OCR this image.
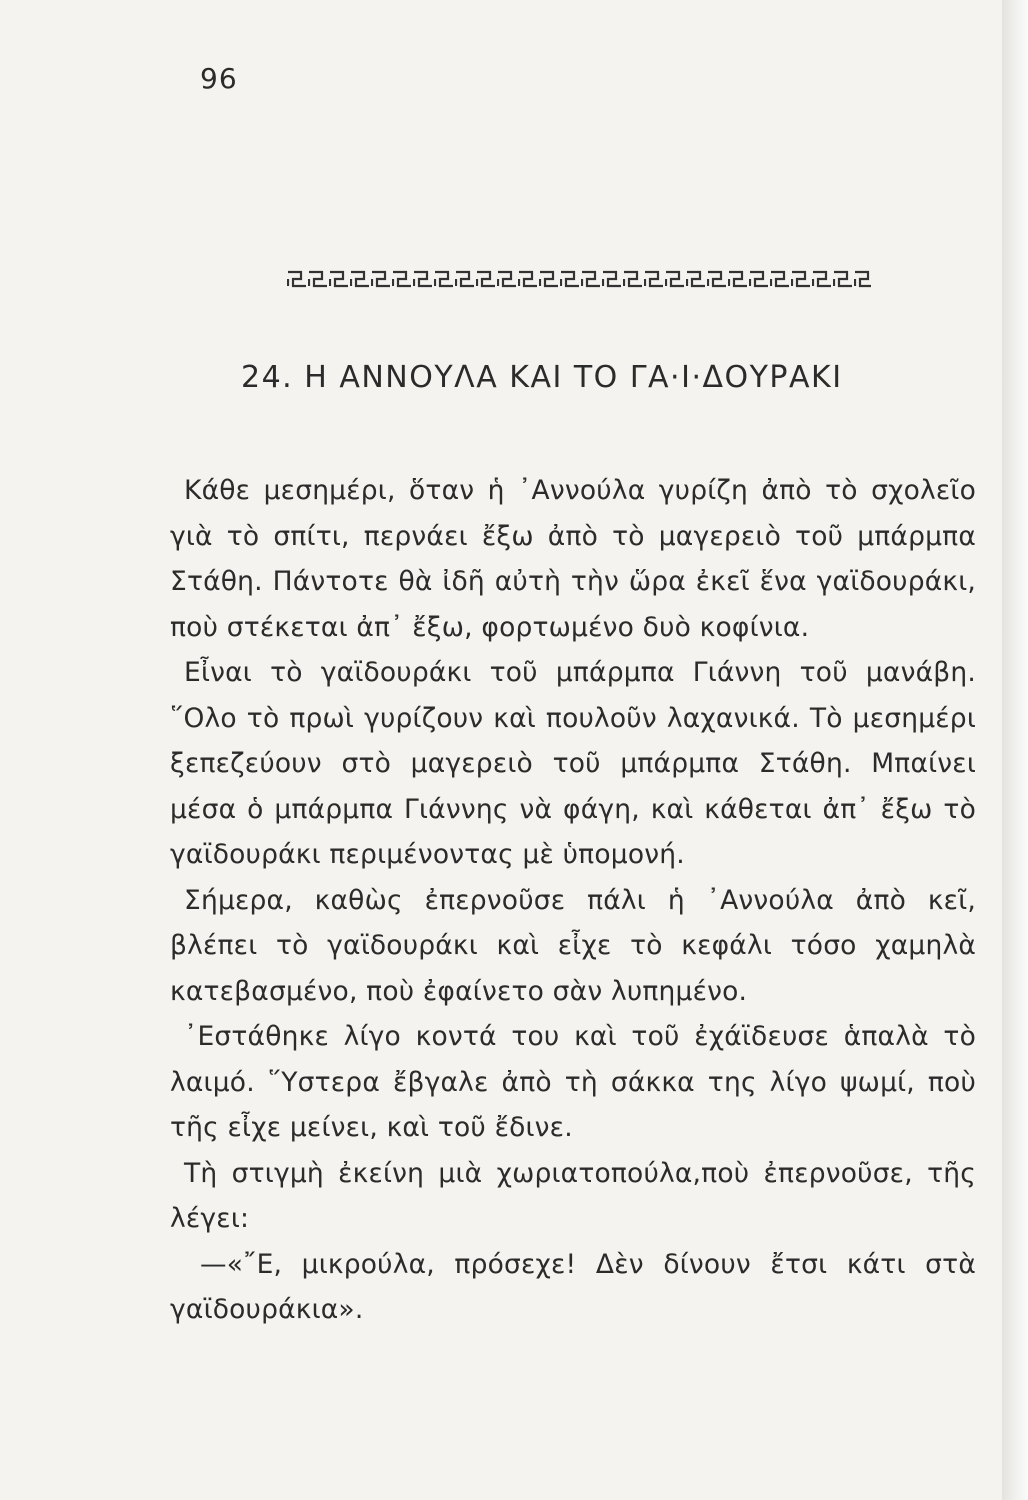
96
24. Η ΑΝΝΟΥΛΑ ΚΑΙ ΤΟ ΓΑ·Ι·ΔΟΥΡΑΚΙ

Κάθε μεσημέρι, ὅταν ἡ ᾿Αννούλα γυρίζη ἀπὸ τὸ σχολεῖο γιὰ τὸ σπίτι, περνάει ἔξω ἀπὸ τὸ μαγερειὸ τοῦ μπάρμπα Στάθη. Πάντοτε θὰ ἰδῆ αὐτὴ τὴν ὥρα ἐκεῖ ἕνα γαϊδουράκι, ποὺ στέκεται ἀπ᾿ ἔξω, φορτωμένο δυὸ κοφίνια.

Εἶναι τὸ γαϊδουράκι τοῦ μπάρμπα Γιάννη τοῦ μανάβη. ῞Ολο τὸ πρωὶ γυρίζουν καὶ πουλοῦν λαχανικά. Τὸ μεσημέρι ξεπεζεύουν στὸ μαγερειὸ τοῦ μπάρμπα Στάθη. Μπαίνει μέσα ὁ μπάρμπα Γιάννης νὰ φάγη, καὶ κάθεται ἀπ᾿ ἔξω τὸ γαϊδουράκι περιμένοντας μὲ ὑπομονή.

Σήμερα, καθὼς ἐπερνοῦσε πάλι ἡ ᾿Αννούλα ἀπὸ κεῖ, βλέπει τὸ γαϊδουράκι καὶ εἶχε τὸ κεφάλι τόσο χαμηλὰ κατεβασμένο, ποὺ ἐφαίνετο σὰν λυπημένο.

᾿Εστάθηκε λίγο κοντά του καὶ τοῦ ἐχάϊδευσε ἁπαλὰ τὸ λαιμό. ῞Υστερα ἔβγαλε ἀπὸ τὴ σάκκα της λίγο ψωμί, ποὺ τῆς εἶχε μείνει, καὶ τοῦ ἔδινε.

Τὴ στιγμὴ ἐκείνη μιὰ χωριατοπούλα,ποὺ ἐπερνοῦσε, τῆς λέγει:

—«῎Ε, μικρούλα, πρόσεχε! Δὲν δίνουν ἔτσι κάτι στὰ γαϊδουράκια».
